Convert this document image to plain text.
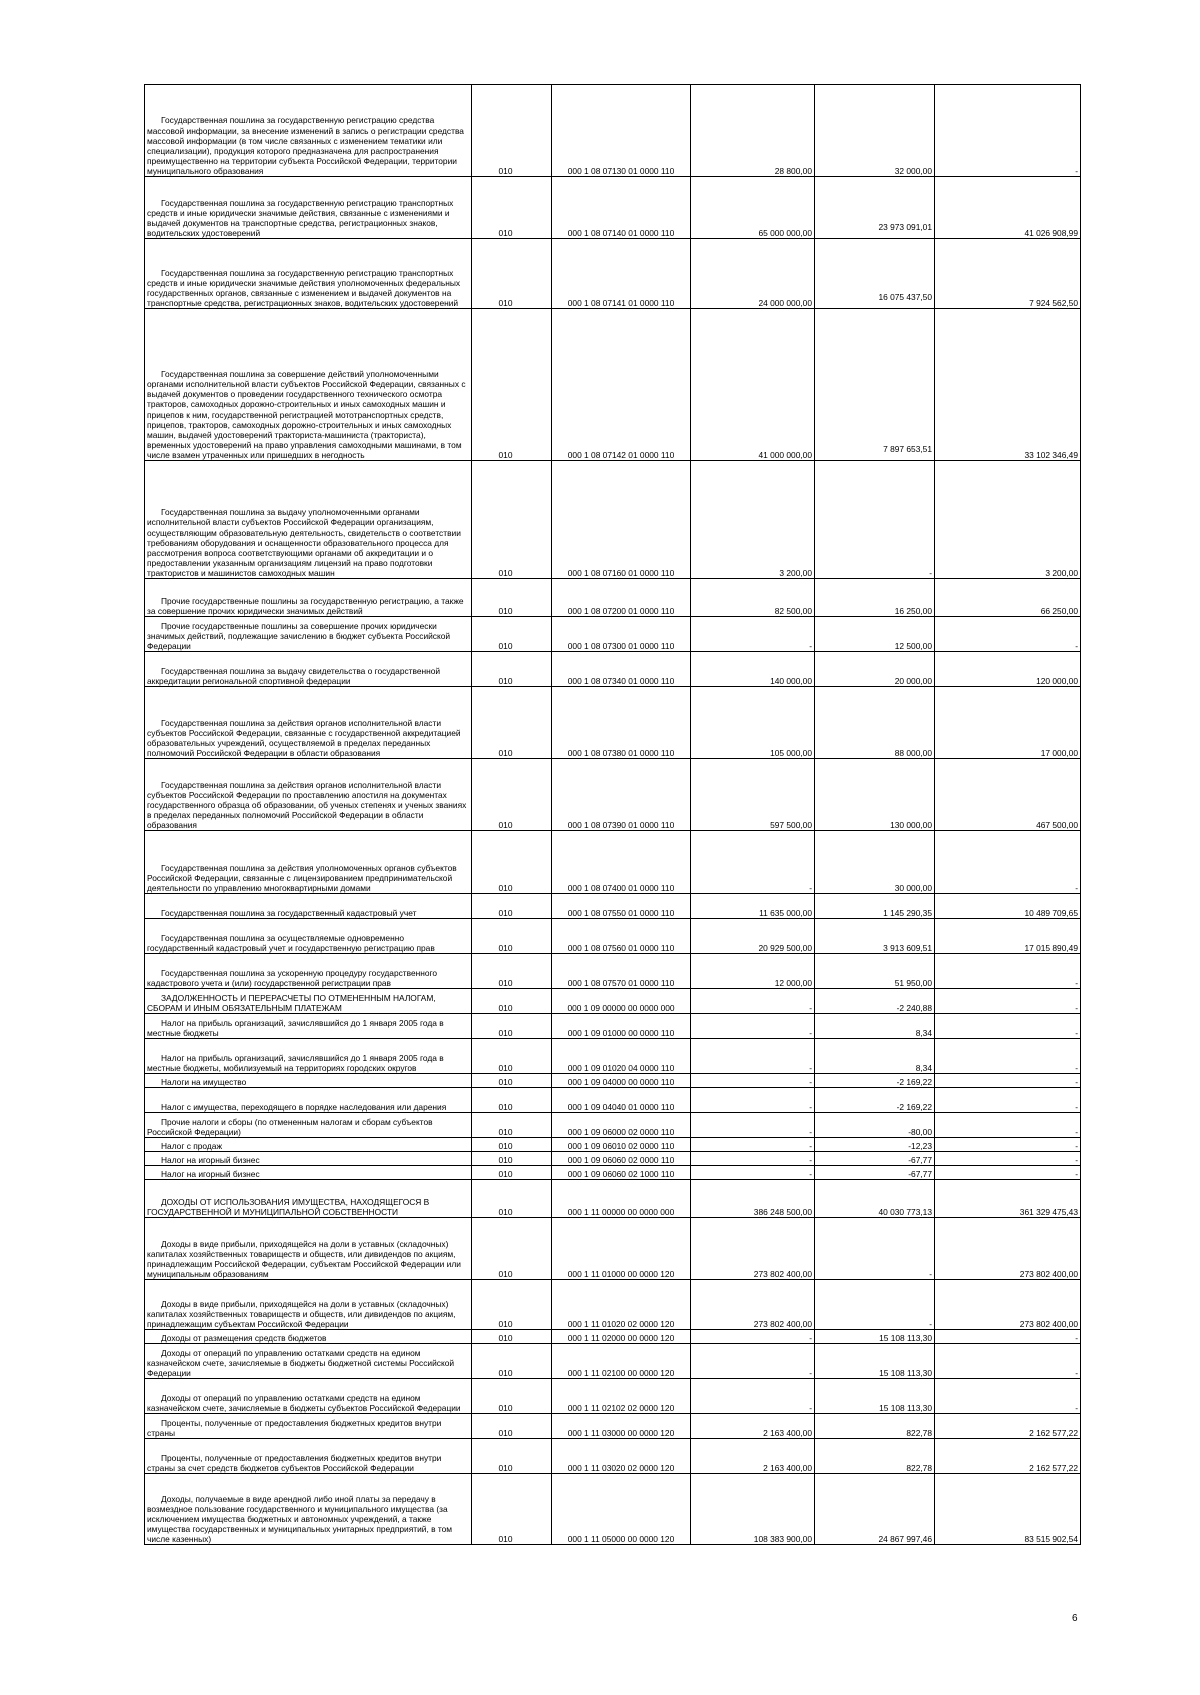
Государственная пошлина за государственную регистрацию средства массовой информации, за внесение изменений в запись о регистрации средства массовой информации (в том числе связанных с изменением тематики или специализации), продукция которого предназначена для распространения преимущественно на территории субъекта Российской Федерации, территории муниципального образования	010	000 1 08 07130 01 0000 110	28 800,00	32 000,00	-
Государственная пошлина за государственную регистрацию транспортных средств и иные юридически значимые действия, связанные с изменениями и выдачей документов на транспортные средства, регистрационных знаков, водительских удостоверений	010	000 1 08 07140 01 0000 110	65 000 000,00	23 973 091,01	41 026 908,99
Государственная пошлина за государственную регистрацию транспортных средств и иные юридически значимые действия уполномоченных федеральных государственных органов, связанные с изменением и выдачей документов на транспортные средства, регистрационных знаков, водительских удостоверений	010	000 1 08 07141 01 0000 110	24 000 000,00	16 075 437,50	7 924 562,50
Государственная пошлина за совершение действий уполномоченными органами исполнительной власти субъектов Российской Федерации, связанных с выдачей документов о проведении государственного технического осмотра тракторов, самоходных дорожно-строительных и иных самоходных машин и прицепов к ним, государственной регистрацией мототранспортных средств, прицепов, тракторов, самоходных дорожно-строительных и иных самоходных машин, выдачей удостоверений тракториста-машиниста (тракториста), временных удостоверений на право управления самоходными машинами, в том числе взамен утраченных или пришедших в негодность	010	000 1 08 07142 01 0000 110	41 000 000,00	7 897 653,51	33 102 346,49
Государственная пошлина за выдачу уполномоченными органами исполнительной власти субъектов Российской Федерации организациям, осуществляющим образовательную деятельность, свидетельств о соответствии требованиям оборудования и оснащенности образовательного процесса для рассмотрения вопроса соответствующими органами об аккредитации и о предоставлении указанным организациям лицензий на право подготовки трактористов и машинистов самоходных машин	010	000 1 08 07160 01 0000 110	3 200,00	-	3 200,00
Прочие государственные пошлины за государственную регистрацию, а также за совершение прочих юридически значимых действий	010	000 1 08 07200 01 0000 110	82 500,00	16 250,00	66 250,00
Прочие государственные пошлины за совершение прочих юридически значимых действий, подлежащие зачислению в бюджет субъекта Российской Федерации	010	000 1 08 07300 01 0000 110	-	12 500,00	-
Государственная пошлина за выдачу свидетельства о государственной аккредитации региональной спортивной федерации	010	000 1 08 07340 01 0000 110	140 000,00	20 000,00	120 000,00
Государственная пошлина за действия органов исполнительной власти субъектов Российской Федерации, связанные с государственной аккредитацией образовательных учреждений, осуществляемой в пределах переданных полномочий Российской Федерации в области образования	010	000 1 08 07380 01 0000 110	105 000,00	88 000,00	17 000,00
Государственная пошлина за действия органов исполнительной власти субъектов Российской Федерации по проставлению апостиля на документах государственного образца об образовании, об ученых степенях и ученых званиях в пределах переданных полномочий Российской Федерации в области образования	010	000 1 08 07390 01 0000 110	597 500,00	130 000,00	467 500,00
Государственная пошлина за действия уполномоченных органов субъектов Российской Федерации, связанные с лицензированием предпринимательской деятельности по управлению многоквартирными домами	010	000 1 08 07400 01 0000 110	-	30 000,00	-
Государственная пошлина за государственный кадастровый учет	010	000 1 08 07550 01 0000 110	11 635 000,00	1 145 290,35	10 489 709,65
Государственная пошлина за осуществляемые одновременно государственный кадастровый учет и государственную регистрацию прав	010	000 1 08 07560 01 0000 110	20 929 500,00	3 913 609,51	17 015 890,49
Государственная пошлина за ускоренную процедуру государственного кадастрового учета и (или) государственной регистрации прав	010	000 1 08 07570 01 0000 110	12 000,00	51 950,00	-
ЗАДОЛЖЕННОСТЬ И ПЕРЕРАСЧЕТЫ ПО ОТМЕНЕННЫМ НАЛОГАМ, СБОРАМ И ИНЫМ ОБЯЗАТЕЛЬНЫМ ПЛАТЕЖАМ	010	000 1 09 00000 00 0000 000	-	-2 240,88	-
Налог на прибыль организаций, зачислявшийся до 1 января 2005 года в местные бюджеты	010	000 1 09 01000 00 0000 110	-	8,34	-
Налог на прибыль организаций, зачислявшийся до 1 января 2005 года в местные бюджеты, мобилизуемый на территориях городских округов	010	000 1 09 01020 04 0000 110	-	8,34	-
Налоги на имущество	010	000 1 09 04000 00 0000 110	-	-2 169,22	-
Налог с имущества, переходящего в порядке наследования или дарения	010	000 1 09 04040 01 0000 110	-	-2 169,22	-
Прочие налоги и сборы (по отмененным налогам и сборам субъектов Российской Федерации)	010	000 1 09 06000 02 0000 110	-	-80,00	-
Налог с продаж	010	000 1 09 06010 02 0000 110	-	-12,23	-
Налог на игорный бизнес	010	000 1 09 06060 02 0000 110	-	-67,77	-
Налог на игорный бизнес	010	000 1 09 06060 02 1000 110	-	-67,77	-
ДОХОДЫ ОТ ИСПОЛЬЗОВАНИЯ ИМУЩЕСТВА, НАХОДЯЩЕГОСЯ В ГОСУДАРСТВЕННОЙ И МУНИЦИПАЛЬНОЙ СОБСТВЕННОСТИ	010	000 1 11 00000 00 0000 000	386 248 500,00	40 030 773,13	361 329 475,43
Доходы в виде прибыли, приходящейся на доли в уставных (складочных) капиталах хозяйственных товариществ и обществ, или дивидендов по акциям, принадлежащим Российской Федерации, субъектам Российской Федерации или муниципальным образованиям	010	000 1 11 01000 00 0000 120	273 802 400,00	-	273 802 400,00
Доходы в виде прибыли, приходящейся на доли в уставных (складочных) капиталах хозяйственных товариществ и обществ, или дивидендов по акциям, принадлежащим субъектам Российской Федерации	010	000 1 11 01020 02 0000 120	273 802 400,00	-	273 802 400,00
Доходы от размещения средств бюджетов	010	000 1 11 02000 00 0000 120	-	15 108 113,30	-
Доходы от операций по управлению остатками средств на едином казначейском счете, зачисляемые в бюджеты бюджетной системы Российской Федерации	010	000 1 11 02100 00 0000 120	-	15 108 113,30	-
Доходы от операций по управлению остатками средств на едином казначейском счете, зачисляемые в бюджеты субъектов Российской Федерации	010	000 1 11 02102 02 0000 120	-	15 108 113,30	-
Проценты, полученные от предоставления бюджетных кредитов внутри страны	010	000 1 11 03000 00 0000 120	2 163 400,00	822,78	2 162 577,22
Проценты, полученные от предоставления бюджетных кредитов внутри страны за счет средств бюджетов субъектов Российской Федерации	010	000 1 11 03020 02 0000 120	2 163 400,00	822,78	2 162 577,22
Доходы, получаемые в виде арендной либо иной платы за передачу в возмездное пользование государственного и муниципального имущества (за исключением имущества бюджетных и автономных учреждений, а также имущества государственных и муниципальных унитарных предприятий, в том числе казенных)	010	000 1 11 05000 00 0000 120	108 383 900,00	24 867 997,46	83 515 902,54
6
